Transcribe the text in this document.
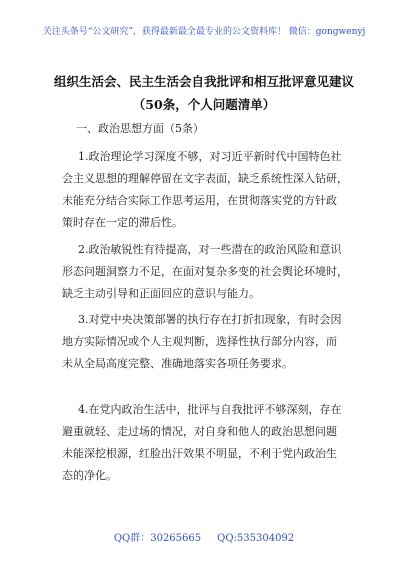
关注头条号“公文研究”，获得最新最全最专业的公文资料库！ 微信：gongwenyj
组织生活会、民主生活会自我批评和相互批评意见建议
（50条，个人问题清单）
一、政治思想方面（5条）
1.政治理论学习深度不够，对习近平新时代中国特色社
会主义思想的理解停留在文字表面，缺乏系统性深入钻研，
未能充分结合实际工作思考运用，在贯彻落实党的方针政
策时存在一定的滞后性。
2.政治敏锐性有待提高，对一些潜在的政治风险和意识
形态问题洞察力不足，在面对复杂多变的社会舆论环境时，
缺乏主动引导和正面回应的意识与能力。
3.对党中央决策部署的执行存在打折扣现象，有时会因
地方实际情况或个人主观判断，选择性执行部分内容，而
未从全局高度完整、准确地落实各项任务要求。
4.在党内政治生活中，批评与自我批评不够深刻，存在
避重就轻、走过场的情况，对自身和他人的政治思想问题
未能深挖根源，红脸出汗效果不明显，不利于党内政治生
态的净化。
QQ群：30265665 QQ:535304092
